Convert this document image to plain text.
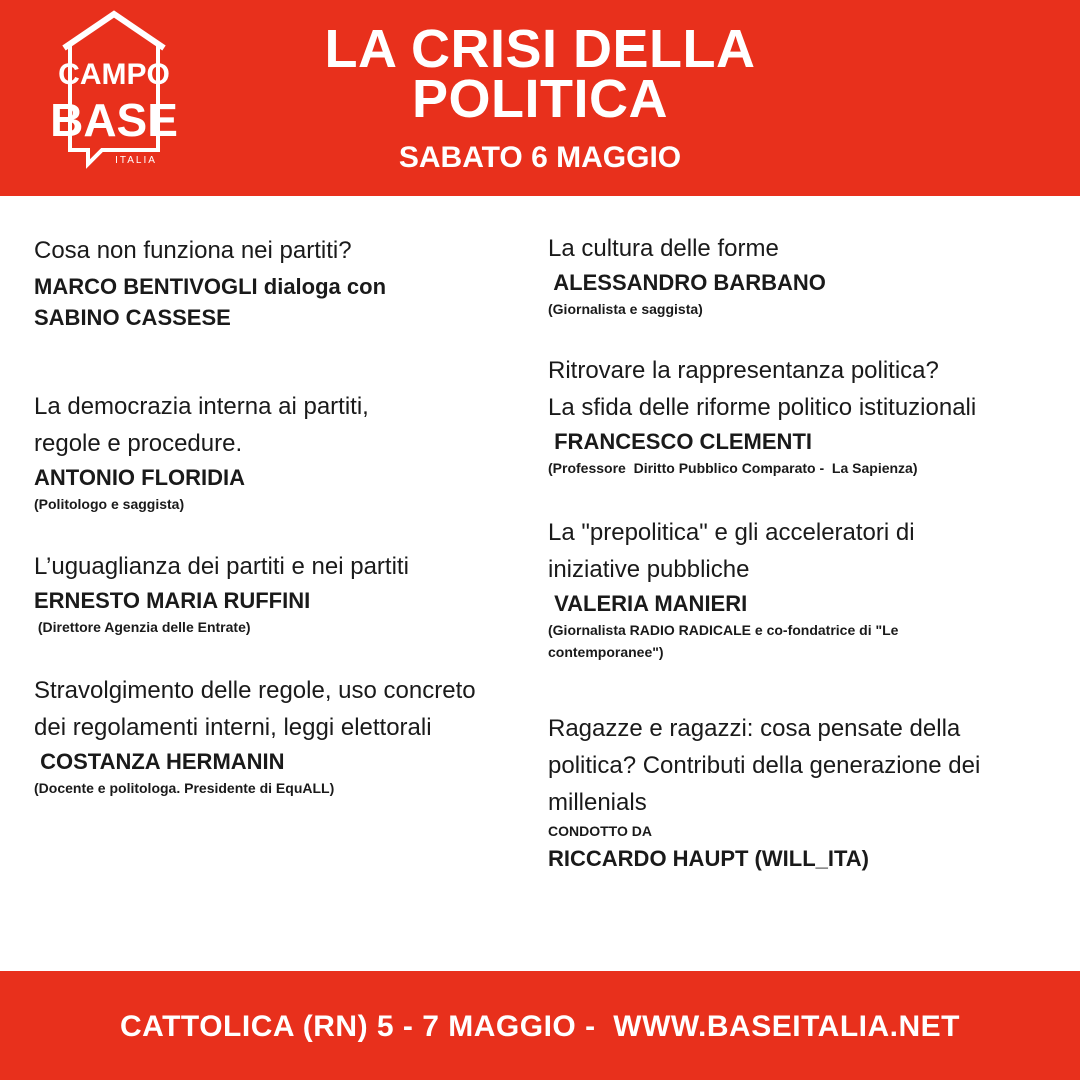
CAMPO
BASE
ITALIA
LA CRISI DELLA
POLITICA
SABATO 6 MAGGIO
Cosa non funziona nei partiti?
MARCO BENTIVOGLI dialoga con
SABINO CASSESE
La democrazia interna ai partiti,
regole e procedure.
ANTONIO FLORIDIA
(Politologo e saggista)
L’uguaglianza dei partiti e nei partiti
ERNESTO MARIA RUFFINI
(Direttore Agenzia delle Entrate)
Stravolgimento delle regole, uso concreto
dei regolamenti interni, leggi elettorali
COSTANZA HERMANIN
(Docente e politologa. Presidente di EquALL)
La cultura delle forme
ALESSANDRO BARBANO
(Giornalista e saggista)
Ritrovare la rappresentanza politica?
La sfida delle riforme politico istituzionali
FRANCESCO CLEMENTI
(Professore  Diritto Pubblico Comparato -  La Sapienza)
La "prepolitica" e gli acceleratori di
iniziative pubbliche
VALERIA MANIERI
(Giornalista RADIO RADICALE e co-fondatrice di "Le
contemporanee")
Ragazze e ragazzi: cosa pensate della
politica? Contributi della generazione dei
millenials
CONDOTTO DA
RICCARDO HAUPT (WILL_ITA)
CATTOLICA (RN) 5 - 7 MAGGIO -  WWW.BASEITALIA.NET
